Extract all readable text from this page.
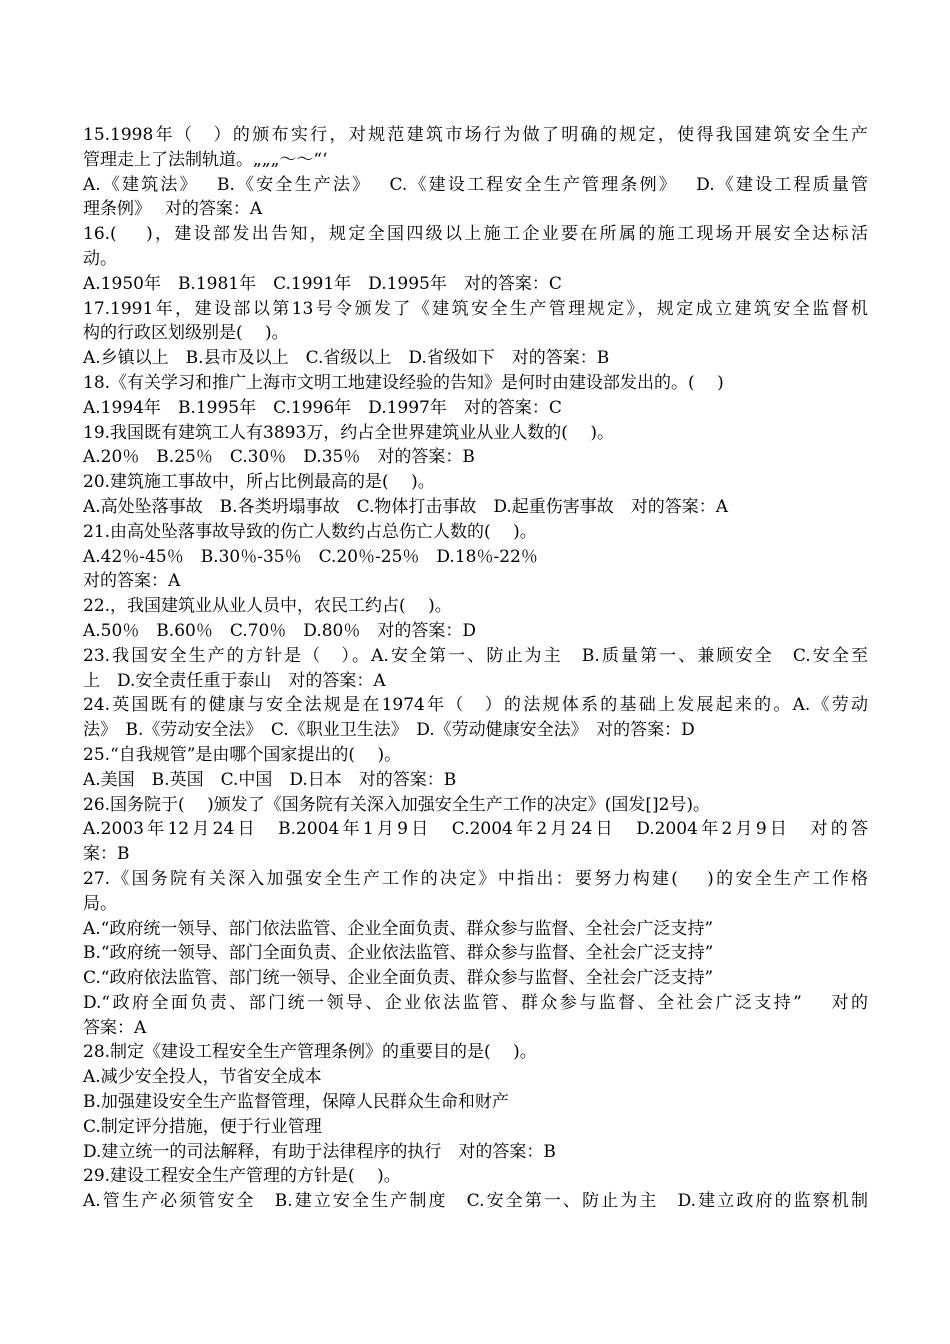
15.1998年（　）的颁布实行，对规范建筑市场行为做了明确的规定，使得我国建筑安全生产
管理走上了法制轨道。„„„～～“‘
A.《建筑法》　 B.《安全生产法》　 C.《建设工程安全生产管理条例》　 D.《建设工程质量管
理条例》　 对的答案：A
16.(　 )，建设部发出告知，规定全国四级以上施工企业要在所属的施工现场开展安全达标活
动。
A.1950年　B.1981年　C.1991年　D.1995年　对的答案：C
17.1991年，建设部以第13号令颁发了《建筑安全生产管理规定》，规定成立建筑安全监督机
构的行政区划级别是(　 )。
A.乡镇以上　B.县市及以上　C.省级以上　D.省级如下　对的答案：B
18.《有关学习和推广上海市文明工地建设经验的告知》是何时由建设部发出的。(　 )
A.1994年　B.1995年　C.1996年　D.1997年　对的答案：C
19.我国既有建筑工人有3893万，约占全世界建筑业从业人数的(　 )。
A.20％　B.25％　C.30％　D.35％　对的答案：B
20.建筑施工事故中，所占比例最高的是(　 )。
A.高处坠落事故　B.各类坍塌事故　C.物体打击事故　D.起重伤害事故　对的答案：A
21.由高处坠落事故导致的伤亡人数约占总伤亡人数的(　 )。
A.42％-45％　B.30％-35％　C.20％-25％　D.18％-22％
对的答案：A
22.，我国建筑业从业人员中，农民工约占(　 )。
A.50％　B.60％　C.70％　D.80％　对的答案：D
23.我国安全生产的方针是（　）。A.安全第一、防止为主　B.质量第一、兼顾安全　C.安全至
上　D.安全责任重于泰山　对的答案：A
24.英国既有的健康与安全法规是在1974年（　）的法规体系的基础上发展起来的。A.《劳动
法》　B.《劳动安全法》　C.《职业卫生法》　D.《劳动健康安全法》　对的答案：D
25.“自我规管”是由哪个国家提出的(　 )。
A.美国　B.英国　C.中国　D.日本　对的答案：B
26.国务院于(　 )颁发了《国务院有关深入加强安全生产工作的决定》(国发[]2号)。
A.2003年12月24日　B.2004年1月9日　C.2004年2月24日　D.2004年2月9日　对的答
案：B
27.《国务院有关深入加强安全生产工作的决定》中指出：要努力构建(　 )的安全生产工作格
局。
A.“政府统一领导、部门依法监管、企业全面负责、群众参与监督、全社会广泛支持”
B.“政府统一领导、部门全面负责、企业依法监管、群众参与监督、全社会广泛支持”
C.“政府依法监管、部门统一领导、企业全面负责、群众参与监督、全社会广泛支持”
D.“政府全面负责、部门统一领导、企业依法监管、群众参与监督、全社会广泛支持”　 对的
答案：A
28.制定《建设工程安全生产管理条例》的重要目的是(　 )。
A.减少安全投人，节省安全成本
B.加强建设安全生产监督管理，保障人民群众生命和财产
C.制定评分措施，便于行业管理
D.建立统一的司法解释，有助于法律程序的执行　对的答案：B
29.建设工程安全生产管理的方针是(　 )。
A.管生产必须管安全　B.建立安全生产制度　C.安全第一、防止为主　D.建立政府的监察机制
